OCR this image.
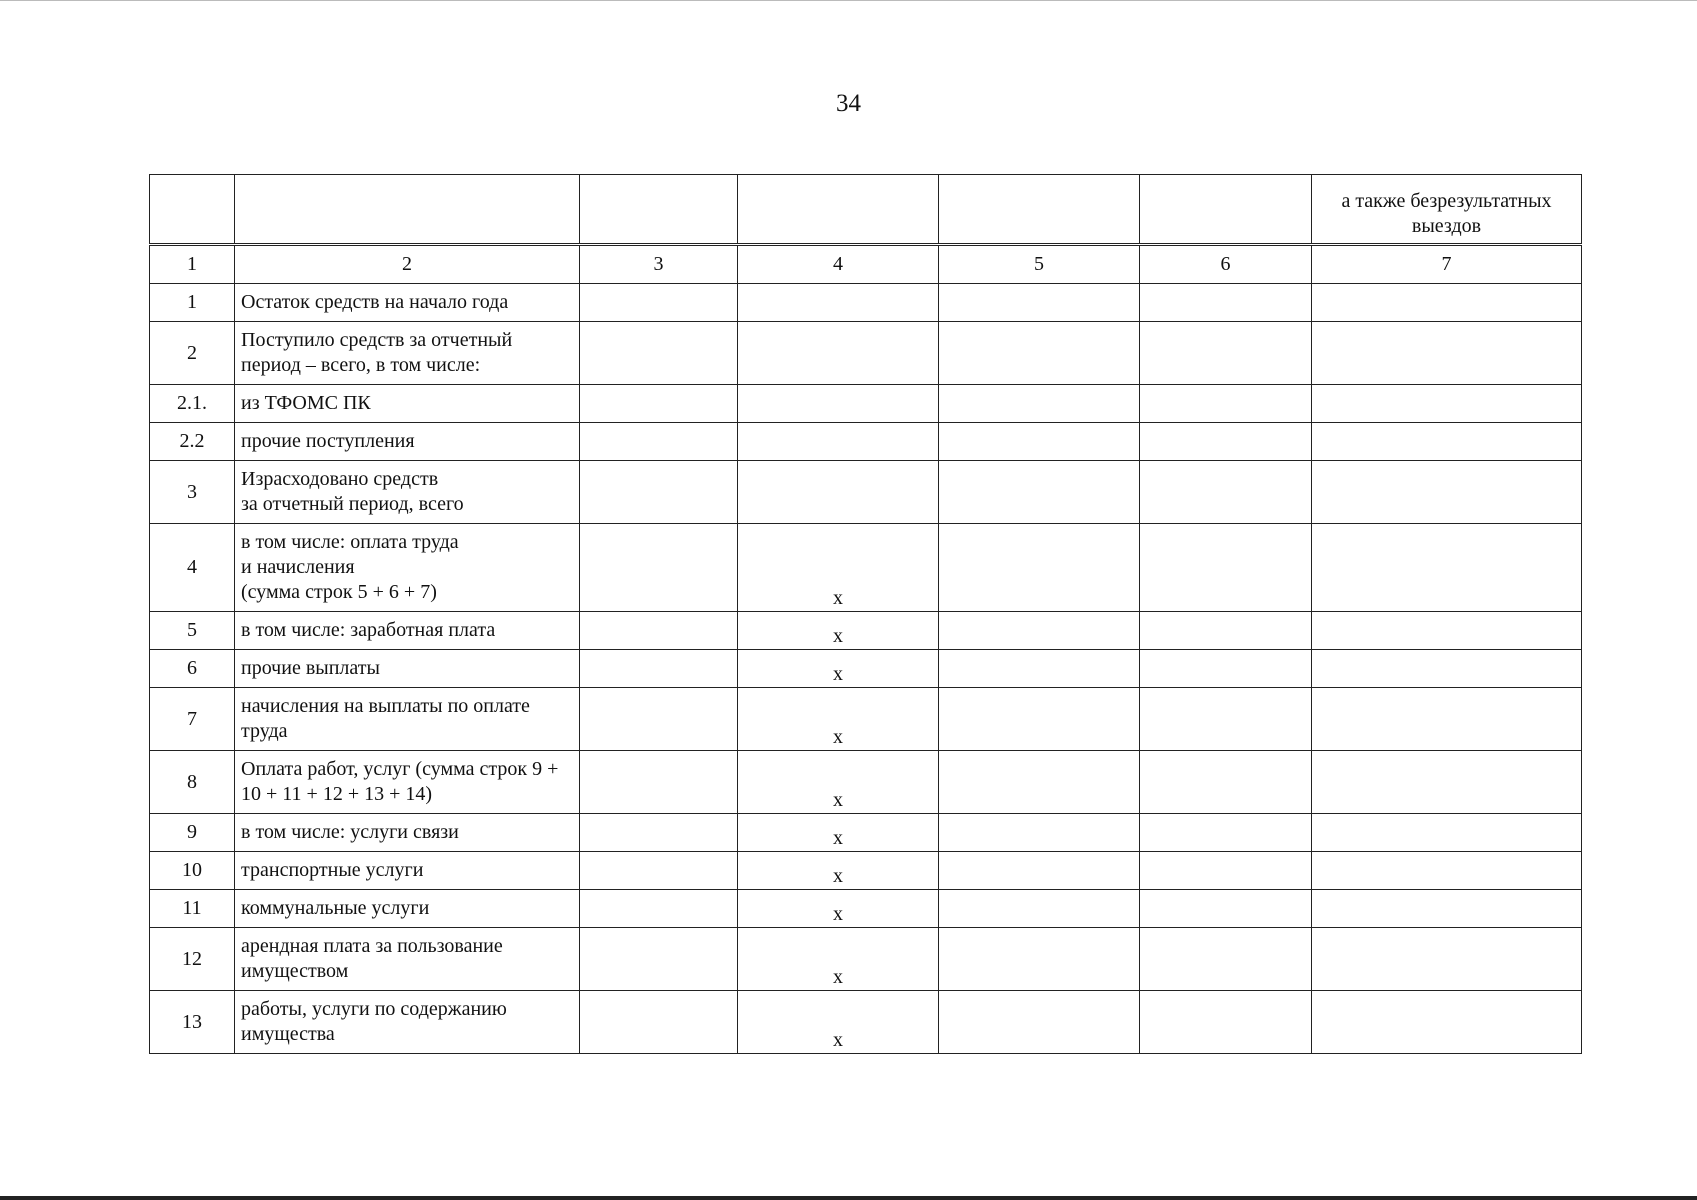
34
						а также безрезультатных выездов
1	2	3	4	5	6	7
1	Остаток средств на начало года					
2	Поступило средств за отчетный период – всего, в том числе:					
2.1.	из ТФОМС ПК					
2.2	прочие поступления					
3	Израсходовано средств
за отчетный период, всего					
4	в том числе: оплата труда
и начисления
(сумма строк 5 + 6 + 7)		x			
5	в том числе: заработная плата		x			
6	прочие выплаты		x			
7	начисления на выплаты по оплате труда		x			
8	Оплата работ, услуг (сумма строк 9 + 10 + 11 + 12 + 13 + 14)		x			
9	в том числе: услуги связи		x			
10	транспортные услуги		x			
11	коммунальные услуги		x			
12	арендная плата за пользование имуществом		x			
13	работы, услуги по содержанию имущества		x			
